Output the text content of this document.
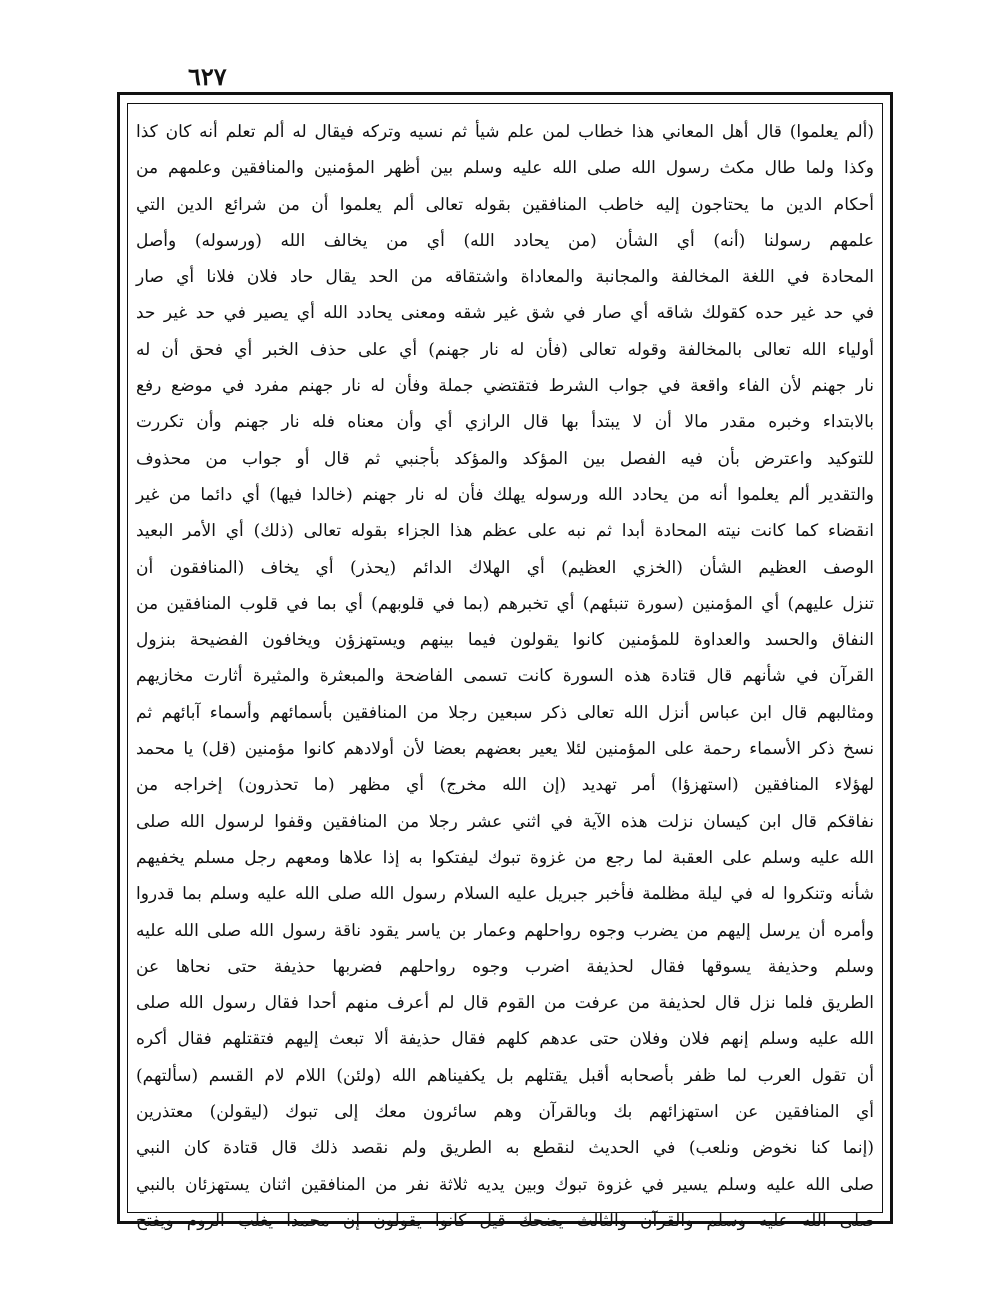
٦٢٧
(ألم يعلموا) قال أهل المعاني هذا خطاب لمن علم شيأ ثم نسيه وتركه فيقال له ألم تعلم أنه كان كذا
وكذا ولما طال مكث رسول الله صلى الله عليه وسلم بين أظهر المؤمنين والمنافقين وعلمهم من
أحكام الدين ما يحتاجون إليه خاطب المنافقين بقوله تعالى ألم يعلموا أن من شرائع الدين التي
علمهم رسولنا (أنه) أي الشأن (من يحادد الله) أي من يخالف الله (ورسوله) وأصل
المحادة في اللغة المخالفة والمجانبة والمعاداة واشتقاقه من الحد يقال حاد فلان فلانا أي صار
في حد غير حده كقولك شاقه أي صار في شق غير شقه ومعنى يحادد الله أي يصير في حد غير حد
أولياء الله تعالى بالمخالفة وقوله تعالى (فأن له نار جهنم) أي على حذف الخبر أي فحق أن له
نار جهنم لأن الفاء واقعة في جواب الشرط فتقتضي جملة وفأن له نار جهنم مفرد في موضع رفع
بالابتداء وخبره مقدر مالا أن لا يبتدأ بها قال الرازي أي وأن معناه فله نار جهنم وأن تكررت
للتوكيد واعترض بأن فيه الفصل بين المؤكد والمؤكد بأجنبي ثم قال أو جواب من محذوف
والتقدير ألم يعلموا أنه من يحادد الله ورسوله يهلك فأن له نار جهنم (خالدا فيها) أي دائما من غير
انقضاء كما كانت نيته المحادة أبدا ثم نبه على عظم هذا الجزاء بقوله تعالى (ذلك) أي الأمر البعيد
الوصف العظيم الشأن (الخزي العظيم) أي الهلاك الدائم (يحذر) أي يخاف (المنافقون أن
تنزل عليهم) أي المؤمنين (سورة تنبئهم) أي تخبرهم (بما في قلوبهم) أي بما في قلوب المنافقين من
النفاق والحسد والعداوة للمؤمنين كانوا يقولون فيما بينهم ويستهزؤن ويخافون الفضيحة بنزول
القرآن في شأنهم قال قتادة هذه السورة كانت تسمى الفاضحة والمبعثرة والمثيرة أثارت مخازيهم
ومثالبهم قال ابن عباس أنزل الله تعالى ذكر سبعين رجلا من المنافقين بأسمائهم وأسماء آبائهم ثم
نسخ ذكر الأسماء رحمة على المؤمنين لئلا يعير بعضهم بعضا لأن أولادهم كانوا مؤمنين (قل) يا محمد
لهؤلاء المنافقين (استهزؤا) أمر تهديد (إن الله مخرج) أي مظهر (ما تحذرون) إخراجه من
نفاقكم قال ابن كيسان نزلت هذه الآية في اثني عشر رجلا من المنافقين وقفوا لرسول الله صلى
الله عليه وسلم على العقبة لما رجع من غزوة تبوك ليفتكوا به إذا علاها ومعهم رجل مسلم يخفيهم
شأنه وتنكروا له في ليلة مظلمة فأخبر جبريل عليه السلام رسول الله صلى الله عليه وسلم بما قدروا
وأمره أن يرسل إليهم من يضرب وجوه رواحلهم وعمار بن ياسر يقود ناقة رسول الله صلى الله عليه
وسلم وحذيفة يسوقها فقال لحذيفة اضرب وجوه رواحلهم فضربها حذيفة حتى نحاها عن
الطريق فلما نزل قال لحذيفة من عرفت من القوم قال لم أعرف منهم أحدا فقال رسول الله صلى
الله عليه وسلم إنهم فلان وفلان حتى عدهم كلهم فقال حذيفة ألا تبعث إليهم فتقتلهم فقال أكره
أن تقول العرب لما ظفر بأصحابه أقبل يقتلهم بل يكفيناهم الله (ولئن) اللام لام القسم (سألتهم)
أي المنافقين عن استهزائهم بك وبالقرآن وهم سائرون معك إلى تبوك (ليقولن) معتذرين
(إنما كنا نخوض ونلعب) في الحديث لنقطع به الطريق ولم نقصد ذلك قال قتادة كان النبي
صلى الله عليه وسلم يسير في غزوة تبوك وبين يديه ثلاثة نفر من المنافقين اثنان يستهزئان بالنبي
صلى الله عليه وسلم والقرآن والثالث يضحك قيل كانوا يقولون إن محمدا يغلب الروم ويفتح
